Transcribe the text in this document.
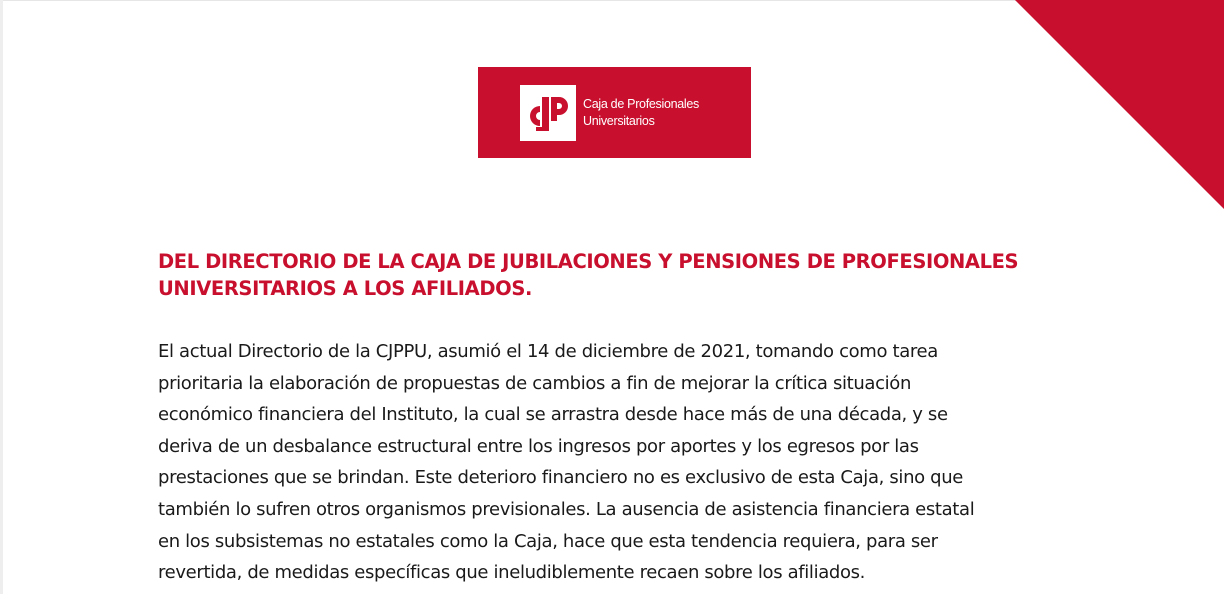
Caja de Profesionales
Universitarios
DEL DIRECTORIO DE LA CAJA DE JUBILACIONES Y PENSIONES DE PROFESIONALES
UNIVERSITARIOS A LOS AFILIADOS.

El actual Directorio de la CJPPU, asumió el 14 de diciembre de 2021, tomando como tarea
prioritaria la elaboración de propuestas de cambios a fin de mejorar la crítica situación
económico financiera del Instituto, la cual se arrastra desde hace más de una década, y se
deriva de un desbalance estructural entre los ingresos por aportes y los egresos por las
prestaciones que se brindan. Este deterioro financiero no es exclusivo de esta Caja, sino que
también lo sufren otros organismos previsionales. La ausencia de asistencia financiera estatal
en los subsistemas no estatales como la Caja, hace que esta tendencia requiera, para ser
revertida, de medidas específicas que ineludiblemente recaen sobre los afiliados.
